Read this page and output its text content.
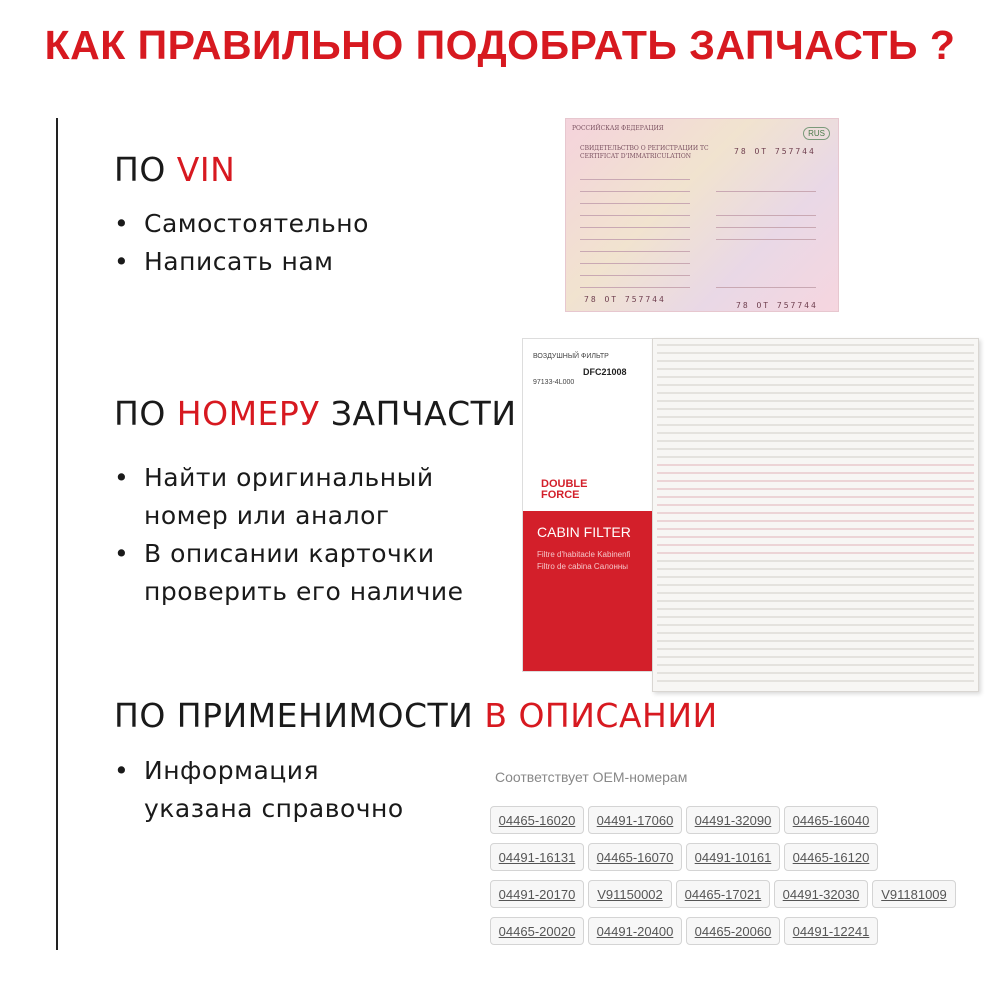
КАК ПРАВИЛЬНО ПОДОБРАТЬ ЗАПЧАСТЬ ?
ПО VIN
• Самостоятельно
• Написать нам
ПО НОМЕРУ ЗАПЧАСТИ
• Найти оригинальный
номер или аналог
• В описании карточки
проверить его наличие
ПО ПРИМЕНИМОСТИ В ОПИСАНИИ
• Информация
указана справочно
РОССИЙСКАЯ ФЕДЕРАЦИЯ
RUS
СВИДЕТЕЛЬСТВО О РЕГИСТРАЦИИ ТС
CERTIFICAT D'IMMATRICULATION
78 ОТ 757744
78 ОТ 757744
78 ОТ 757744
ВОЗДУШНЫЙ ФИЛЬТР
DFC21008
97133-4L000
DOUBLE
FORCE
CABIN FILTER
Filtre d'habitacle Kabinenfi
Filtro de cabina Салонны
Соответствует OEM-номерам
04465-16020	04491-17060	04491-32090	04465-16040
04491-16131	04465-16070	04491-10161	04465-16120
04491-20170	V91150002	04465-17021	04491-32030	V91181009
04465-20020	04491-20400	04465-20060	04491-12241
